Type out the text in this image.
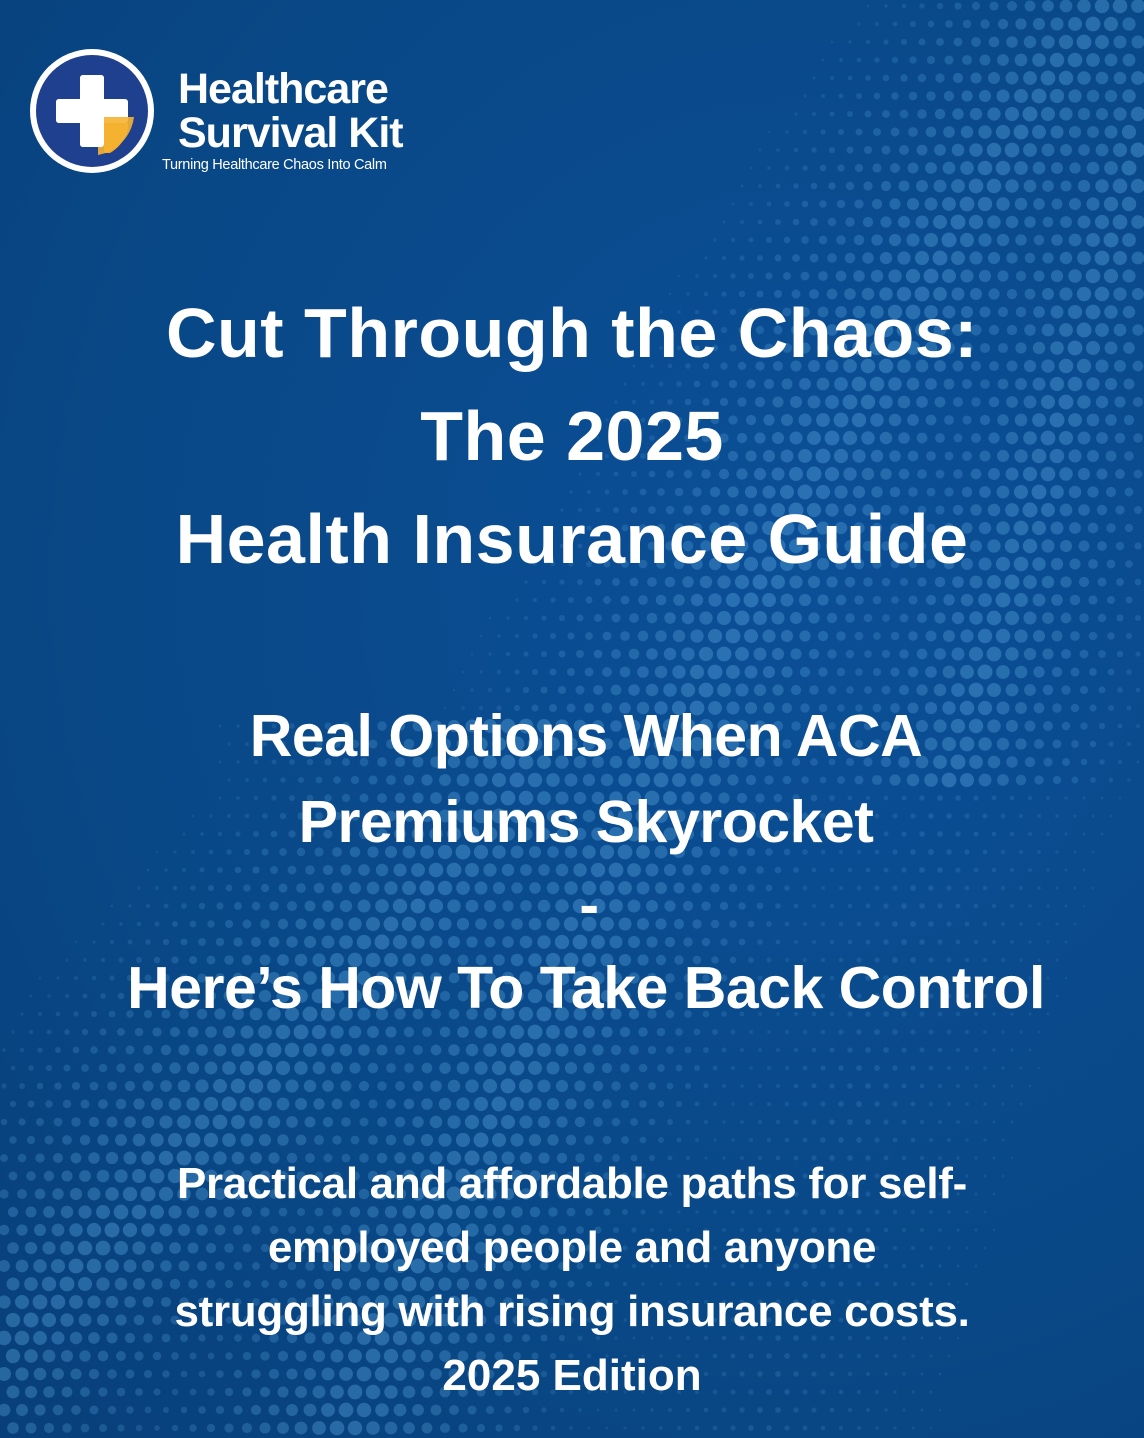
Healthcare
Survival Kit
Turning Healthcare Chaos Into Calm
Cut Through the Chaos:
The 2025
Health Insurance Guide
Real Options When ACA
Premiums Skyrocket
-
Here’s How To Take Back Control
Practical and affordable paths for self-
employed people and anyone
struggling with rising insurance costs.
2025 Edition
